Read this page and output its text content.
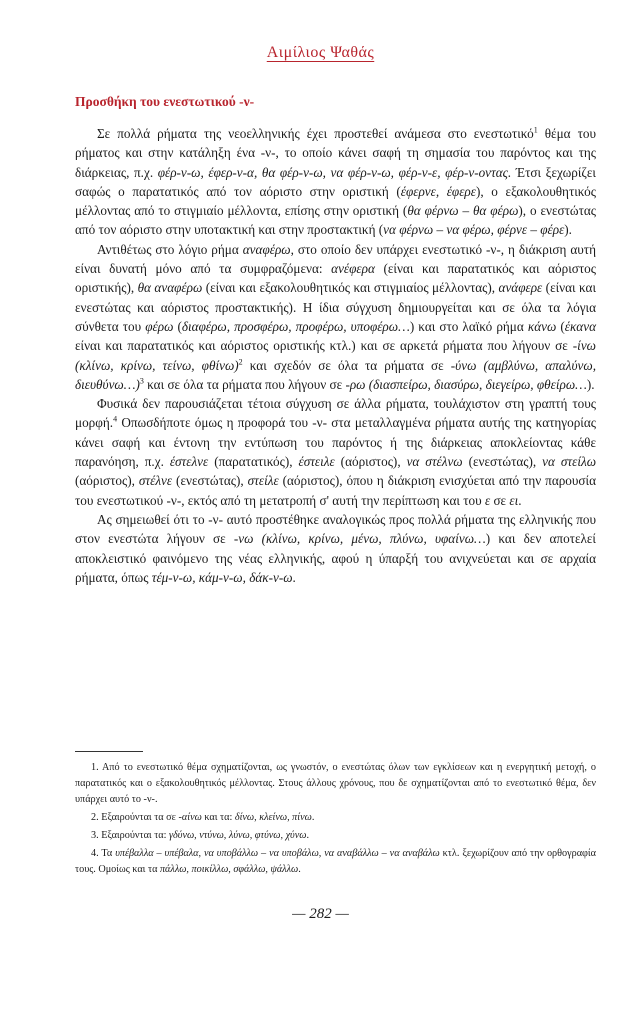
Αιμίλιος Ψαθάς
Προσθήκη του ενεστωτικού -ν-

Σε πολλά ρήματα της νεοελληνικής έχει προστεθεί ανάμεσα στο ενεστωτικό$^1$ θέμα του ρήματος και στην κατάληξη ένα -ν-, το οποίο κάνει σαφή τη σημασία του παρόντος και της διάρκειας, π.χ. φέρ-ν-ω, έφερ-ν-α, θα φέρ-ν-ω, να φέρ-ν-ω, φέρ-ν-ε, φέρ-ν-οντας. Έτσι ξεχωρίζει σαφώς ο παρατατικός από τον αόριστο στην οριστική (έφερνε, έφερε), ο εξακολουθητικός μέλλοντας από το στιγμιαίο μέλλοντα, επίσης στην οριστική (θα φέρνω – θα φέρω), ο ενεστώτας από τον αόριστο στην υποτακτική και στην προστακτική (να φέρνω – να φέρω, φέρνε – φέρε).

Αντιθέτως στο λόγιο ρήμα αναφέρω, στο οποίο δεν υπάρχει ενεστωτικό -ν-, η διάκριση αυτή είναι δυνατή μόνο από τα συμφραζόμενα: ανέφερα (είναι και παρατατικός και αόριστος οριστικής), θα αναφέρω (είναι και εξακολουθητικός και στιγμιαίος μέλλοντας), ανάφερε (είναι και ενεστώτας και αόριστος προστακτικής). Η ίδια σύγχυση δημιουργείται και σε όλα τα λόγια σύνθετα του φέρω (διαφέρω, προσφέρω, προφέρω, υποφέρω…) και στο λαϊκό ρήμα κάνω (έκανα είναι και παρατατικός και αόριστος οριστικής κτλ.) και σε αρκετά ρήματα που λήγουν σε -ίνω (κλίνω, κρίνω, τείνω, φθίνω)$^2$ και σχεδόν σε όλα τα ρήματα σε -ύνω (αμβλύνω, απαλύνω, διευθύνω…)$^3$ και σε όλα τα ρήματα που λήγουν σε -ρω (διασπείρω, διασύρω, διεγείρω, φθείρω…).

Φυσικά δεν παρουσιάζεται τέτοια σύγχυση σε άλλα ρήματα, τουλάχιστον στη γραπτή τους μορφή.$^4$ Οπωσδήποτε όμως η προφορά του -ν- στα μεταλλαγμένα ρήματα αυτής της κατηγορίας κάνει σαφή και έντονη την εντύπωση του παρόντος ή της διάρκειας αποκλείοντας κάθε παρανόηση, π.χ. έστελνε (παρατατικός), έστειλε (αόριστος), να στέλνω (ενεστώτας), να στείλω (αόριστος), στέλνε (ενεστώτας), στείλε (αόριστος), όπου η διάκριση ενισχύεται από την παρουσία του ενεστωτικού -ν-, εκτός από τη μετατροπή σ' αυτή την περίπτωση και του ε σε ει.

Ας σημειωθεί ότι το -ν- αυτό προστέθηκε αναλογικώς προς πολλά ρήματα της ελληνικής που στον ενεστώτα λήγουν σε -νω (κλίνω, κρίνω, μένω, πλύνω, υφαίνω…) και δεν αποτελεί αποκλειστικό φαινόμενο της νέας ελληνικής, αφού η ύπαρξή του ανιχνεύεται και σε αρχαία ρήματα, όπως τέμ-ν-ω, κάμ-ν-ω, δάκ-ν-ω.

1. Από το ενεστωτικό θέμα σχηματίζονται, ως γνωστόν, ο ενεστώτας όλων των εγκλίσεων και η ενεργητική μετοχή, ο παρατατικός και ο εξακολουθητικός μέλλοντας. Στους άλλους χρόνους, που δε σχηματίζονται από το ενεστωτικό θέμα, δεν υπάρχει αυτό το -ν-.

2. Εξαιρούνται τα σε -αίνω και τα: δίνω, κλείνω, πίνω.

3. Εξαιρούνται τα: γδύνω, ντύνω, λύνω, φτύνω, χύνω.

4. Τα υπέβαλλα – υπέβαλα, να υποβάλλω – να υποβάλω, να αναβάλλω – να αναβάλω κτλ. ξεχωρίζουν από την ορθογραφία τους. Ομοίως και τα πάλλω, ποικίλλω, σφάλλω, ψάλλω.

— 282 —
